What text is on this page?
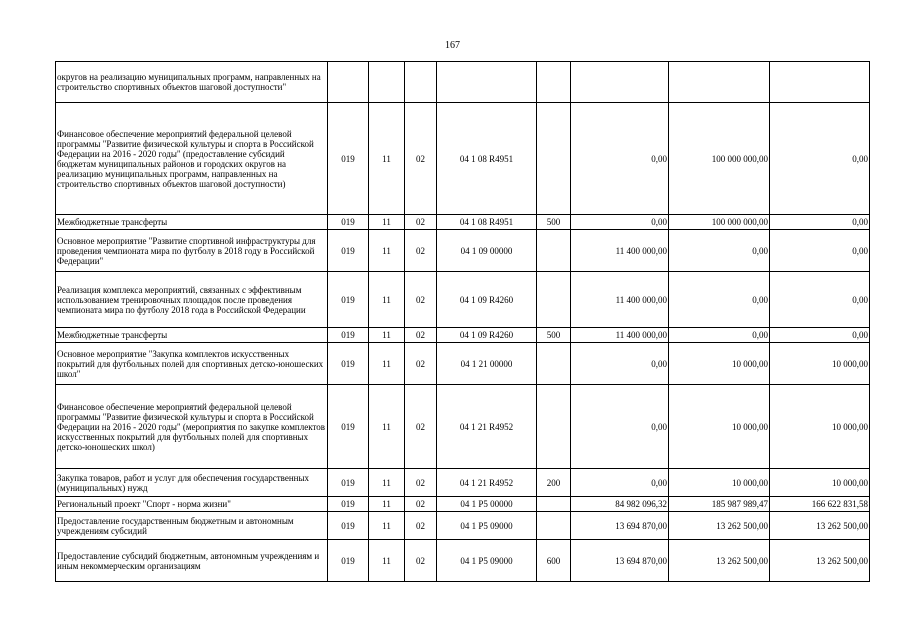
167
округов на реализацию муниципальных программ, направленных на строительство спортивных объектов шаговой доступности"								
Финансовое обеспечение мероприятий федеральной целевой программы "Развитие физической культуры и спорта в Российской Федерации на 2016 - 2020 годы" (предоставление субсидий бюджетам муниципальных районов и городских округов на реализацию муниципальных программ, направленных на строительство спортивных объектов шаговой доступности)	019	11	02	04 1 08 R4951		0,00	100 000 000,00	0,00
Межбюджетные трансферты	019	11	02	04 1 08 R4951	500	0,00	100 000 000,00	0,00
Основное мероприятие "Развитие спортивной инфраструктуры для проведения чемпионата мира по футболу в 2018 году в Российской Федерации"	019	11	02	04 1 09 00000		11 400 000,00	0,00	0,00
Реализация комплекса мероприятий, связанных с эффективным использованием тренировочных площадок после проведения чемпионата мира по футболу 2018 года в Российской Федерации	019	11	02	04 1 09 R4260		11 400 000,00	0,00	0,00
Межбюджетные трансферты	019	11	02	04 1 09 R4260	500	11 400 000,00	0,00	0,00
Основное мероприятие "Закупка комплектов искусственных покрытий для футбольных полей для спортивных детско-юношеских школ"	019	11	02	04 1 21 00000		0,00	10 000,00	10 000,00
Финансовое обеспечение мероприятий федеральной целевой программы "Развитие физической культуры и спорта в Российской Федерации на 2016 - 2020 годы" (мероприятия по закупке комплектов искусственных покрытий для футбольных полей для спортивных детско-юношеских школ)	019	11	02	04 1 21 R4952		0,00	10 000,00	10 000,00
Закупка товаров, работ и услуг для обеспечения государственных (муниципальных) нужд	019	11	02	04 1 21 R4952	200	0,00	10 000,00	10 000,00
Региональный проект "Спорт - норма жизни"	019	11	02	04 1 P5 00000		84 982 096,32	185 987 989,47	166 622 831,58
Предоставление государственным бюджетным и автономным учреждениям субсидий	019	11	02	04 1 P5 09000		13 694 870,00	13 262 500,00	13 262 500,00
Предоставление субсидий бюджетным, автономным учреждениям и иным некоммерческим организациям	019	11	02	04 1 P5 09000	600	13 694 870,00	13 262 500,00	13 262 500,00
